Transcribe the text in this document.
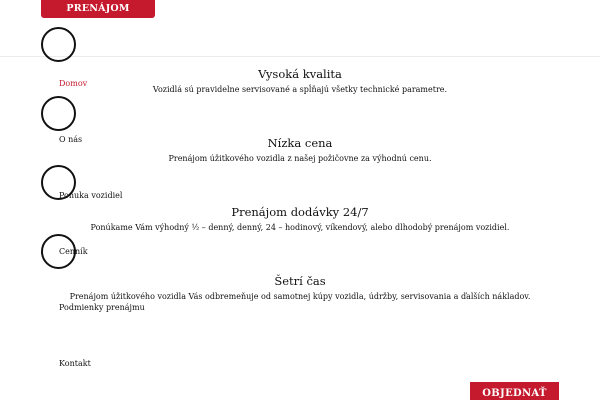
PRENÁJOM DODÁVKY
Domov
O nás
Ponuka vozidiel
Cenník
Podmienky prenájmu
Kontakt
Vysoká kvalita
Vozidlá sú pravidelne servisované a spĺňajú všetky technické parametre.
Nízka cena
Prenájom úžitkového vozidla z našej požičovne za výhodnú cenu.
Prenájom dodávky 24/7
Ponúkame Vám výhodný ½ – denný, denný, 24 – hodinový, víkendový, alebo dlhodobý prenájom vozidiel.
Šetrí čas
Prenájom úžitkového vozidla Vás odbremeňuje od samotnej kúpy vozidla, údržby, servisovania a ďalších nákladov.
OBJEDNAŤ
